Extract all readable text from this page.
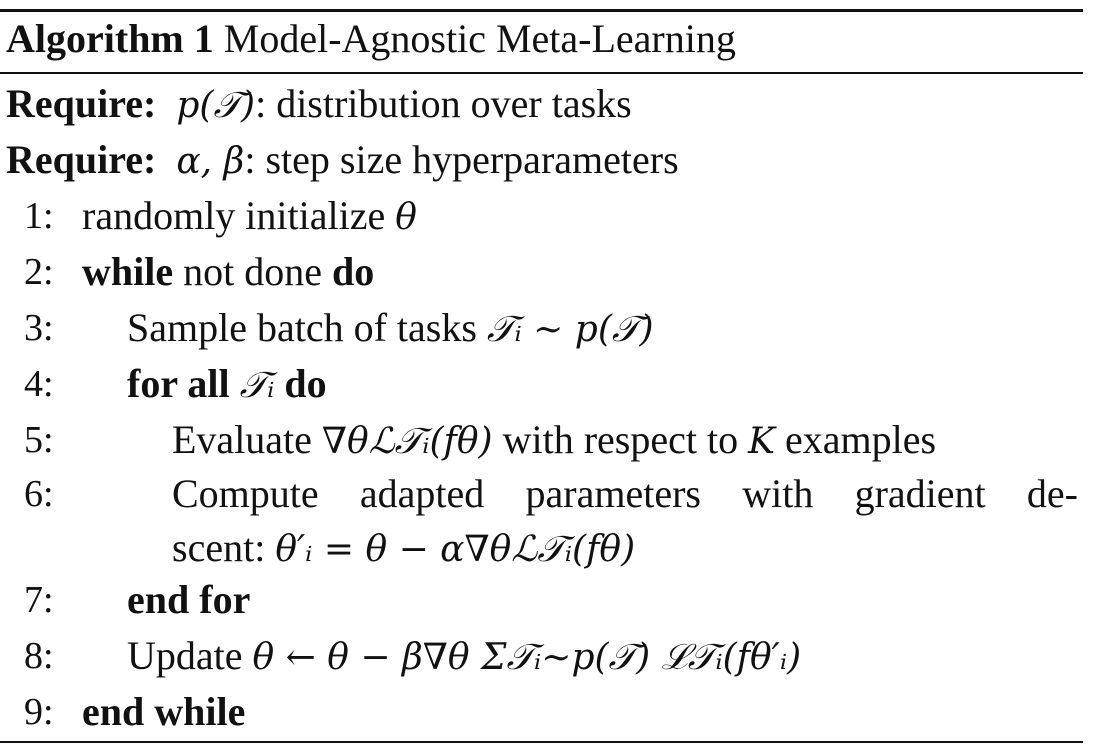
Algorithm 1 Model-Agnostic Meta-Learning
Require: p(𝒯): distribution over tasks
Require: α, β: step size hyperparameters
1: randomly initialize θ
2: while not done do
3: Sample batch of tasks 𝒯ᵢ ∼ p(𝒯)
4: for all 𝒯ᵢ do
5:	Evaluate ∇θℒ𝒯ᵢ(fθ) with respect to K examples
6:	Compute adapted parameters with gradient de-
scent: θ′ᵢ = θ − α∇θℒ𝒯ᵢ(fθ)
7: end for
8: Update θ ← θ − β∇θ Σ𝒯ᵢ∼p(𝒯) ℒ𝒯ᵢ(fθ′ᵢ)
9: end while
